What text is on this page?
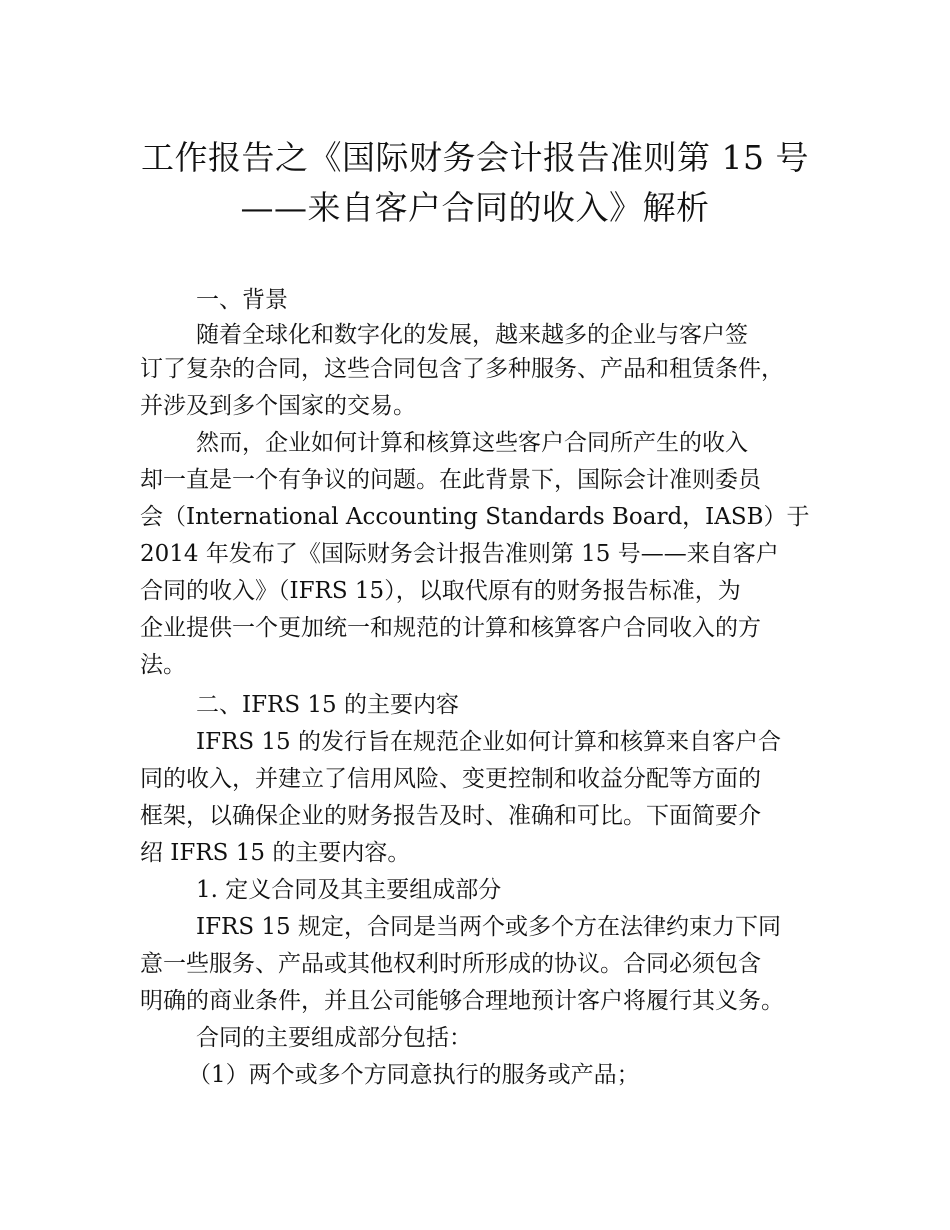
工作报告之《国际财务会计报告准则第 15 号
——来自客户合同的收入》解析

一、背景

随着全球化和数字化的发展，越来越多的企业与客户签

订了复杂的合同，这些合同包含了多种服务、产品和租赁条件，

并涉及到多个国家的交易。

然而，企业如何计算和核算这些客户合同所产生的收入

却一直是一个有争议的问题。在此背景下，国际会计准则委员

会（International Accounting Standards Board，IASB）于

2014 年发布了《国际财务会计报告准则第 15 号——来自客户

合同的收入》（IFRS 15），以取代原有的财务报告标准，为

企业提供一个更加统一和规范的计算和核算客户合同收入的方

法。

二、IFRS 15 的主要内容

IFRS 15 的发行旨在规范企业如何计算和核算来自客户合

同的收入，并建立了信用风险、变更控制和收益分配等方面的

框架，以确保企业的财务报告及时、准确和可比。下面简要介

绍 IFRS 15 的主要内容。

1. 定义合同及其主要组成部分

IFRS 15 规定，合同是当两个或多个方在法律约束力下同

意一些服务、产品或其他权利时所形成的协议。合同必须包含

明确的商业条件，并且公司能够合理地预计客户将履行其义务。

合同的主要组成部分包括：

（1）两个或多个方同意执行的服务或产品；
